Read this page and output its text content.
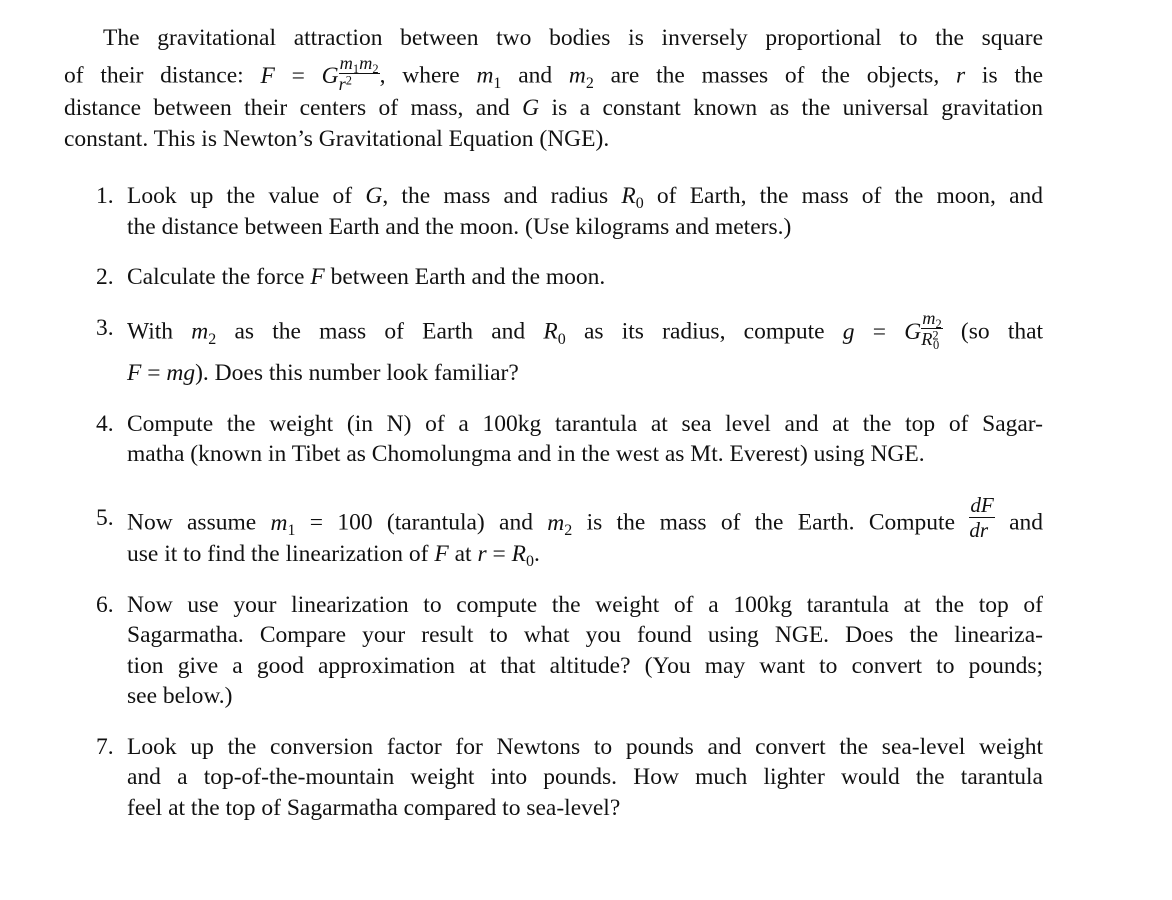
The gravitational attraction between two bodies is inversely proportional to the square
of their distance: F = G $\frac{m_1m_2}{r^2}$ , where $m_1$ and $m_2$ are the masses of the objects, r is the
distance between their centers of mass, and G is a constant known as the universal gravitation
constant. This is Newton’s Gravitational Equation (NGE).
1. Look up the value of G, the mass and radius $R_0$ of Earth, the mass of the moon, and
the distance between Earth and the moon. (Use kilograms and meters.)
2. Calculate the force F between Earth and the moon.
3. With $m_2$ as the mass of Earth and $R_0$ as its radius, compute g = G $\frac{m_2}{R^2_0} (so$ that
F = mg). Does this number look familiar?
4. Compute the weight (in N) of a 100kg tarantula at sea level and at the top of Sagar-
matha (known in Tibet as Chomolungma and in the west as Mt. Everest) using NGE.
5. Now assume $m_1 = 100$ (tarantula) and $m_2$ is the mass of the Earth. Compute $\frac{dF}{dr}$ and
use it to find the linearization of F at $r = R_0$.
6. Now use your linearization to compute the weight of a 100kg tarantula at the top of
Sagarmatha. Compare your result to what you found using NGE. Does the lineariza-
tion give a good approximation at that altitude? (You may want to convert to pounds;
see below.)
7. Look up the conversion factor for Newtons to pounds and convert the sea-level weight
and a top-of-the-mountain weight into pounds. How much lighter would the tarantula
feel at the top of Sagarmatha compared to sea-level?
